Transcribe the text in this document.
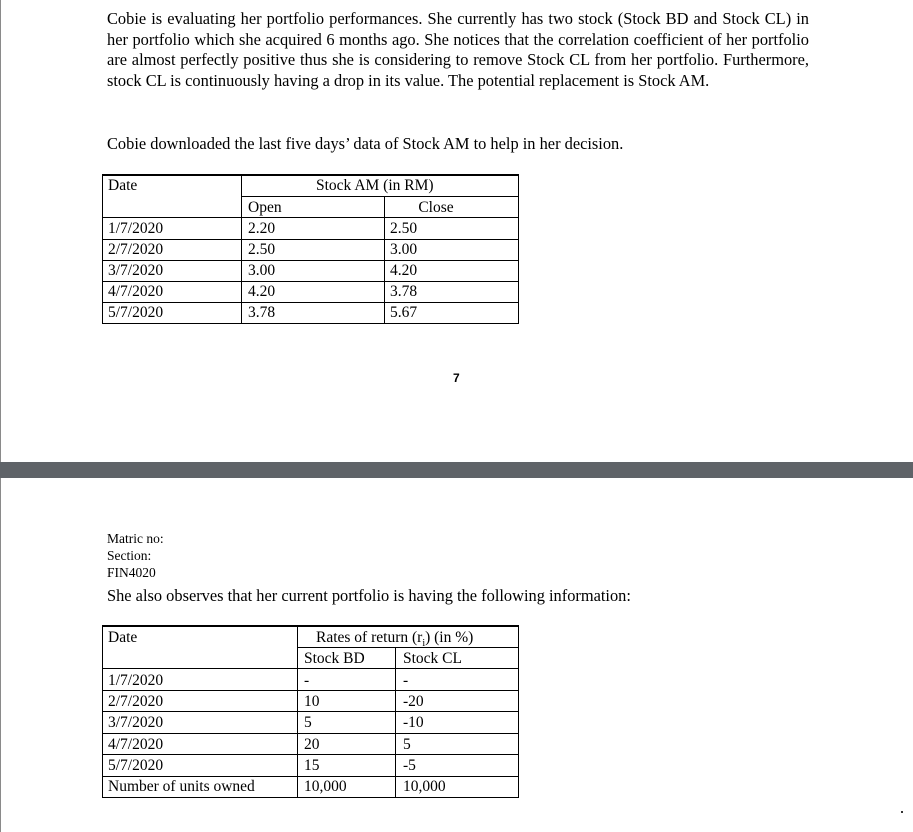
Cobie is evaluating her portfolio performances. She currently has two stock (Stock BD and Stock CL) in her portfolio which she acquired 6 months ago. She notices that the correlation coefficient of her portfolio are almost perfectly positive thus she is considering to remove Stock CL from her portfolio. Furthermore, stock CL is continuously having a drop in its value. The potential replacement is Stock AM.
Cobie downloaded the last five days’ data of Stock AM to help in her decision.
Date	Stock AM (in RM)
Open	Close
1/7/2020	2.20	2.50
2/7/2020	2.50	3.00
3/7/2020	3.00	4.20
4/7/2020	4.20	3.78
5/7/2020	3.78	5.67
7
Matric no:
Section:
FIN4020
She also observes that her current portfolio is having the following information:
Date	Rates of return $(r_i)$ (in %)
Stock BD	Stock CL
1/7/2020	-	-
2/7/2020	10	-20
3/7/2020	5	-10
4/7/2020	20	5
5/7/2020	15	-5
Number of units owned	10,000	10,000
